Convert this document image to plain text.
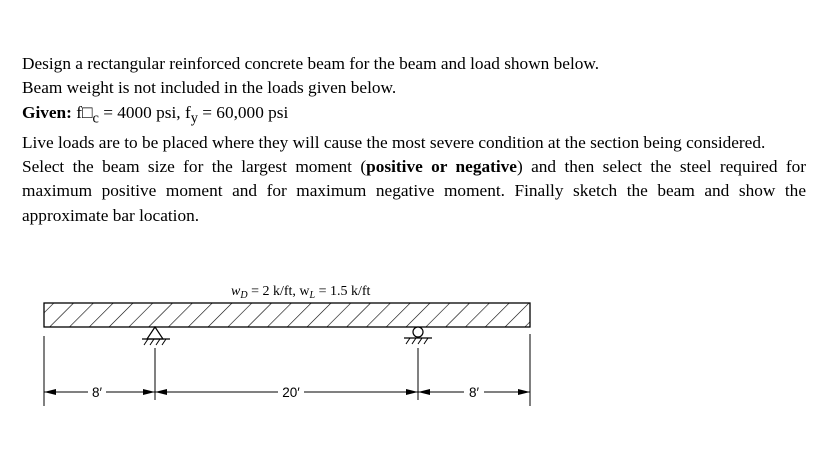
Design a rectangular reinforced concrete beam for the beam and load shown below.

Beam weight is not included in the loads given below.

Given: $f□_c = 4000$ psi, $f_y = 60,000$ psi

Live loads are to be placed where they will cause the most severe condition at the section being considered.

Select the beam size for the largest moment (positive or negative) and then select the steel required for maximum positive moment and for maximum negative moment. Finally sketch the beam and show the approximate bar location.

$w_D = 2$ k/ft, $w_L = 1.5$ k/ft
8′	20′	8′
